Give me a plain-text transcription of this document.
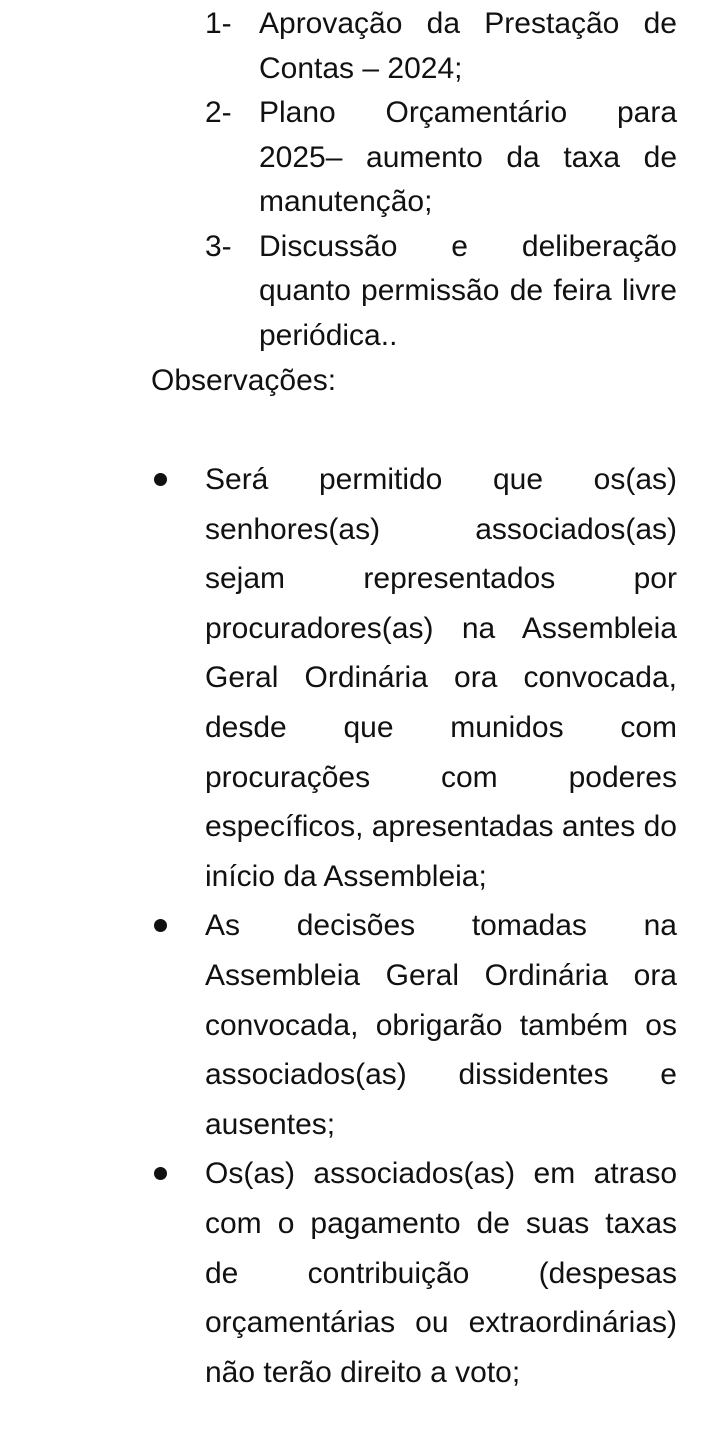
1- Aprovação da Prestação de Contas – 2024;
2- Plano Orçamentário para 2025– aumento da taxa de manutenção;
3- Discussão e deliberação quanto permissão de feira livre periódica..

Observações:

Será permitido que os(as) senhores(as) associados(as) sejam representados por procuradores(as) na Assembleia Geral Ordinária ora convocada, desde que munidos com procurações com poderes específicos, apresentadas antes do início da Assembleia;
As decisões tomadas na Assembleia Geral Ordinária ora convocada, obrigarão também os associados(as) dissidentes e ausentes;
Os(as) associados(as) em atraso com o pagamento de suas taxas de contribuição (despesas orçamentárias ou extraordinárias) não terão direito a voto;
